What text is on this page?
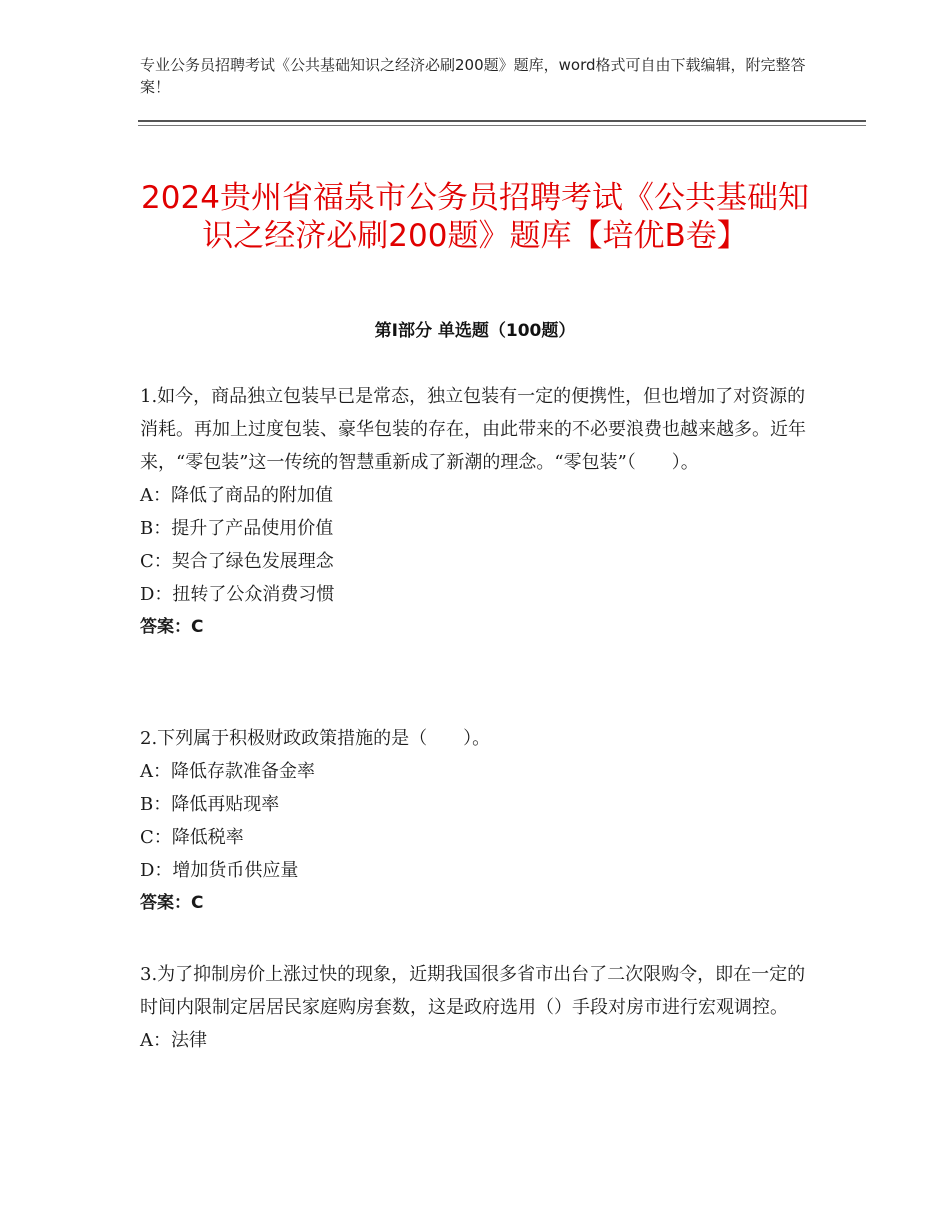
专业公务员招聘考试《公共基础知识之经济必刷200题》题库，word格式可自由下载编辑，附完整答案！
2024贵州省福泉市公务员招聘考试《公共基础知识之经济必刷200题》题库【培优B卷】
第I部分 单选题（100题）

1.如今，商品独立包装早已是常态，独立包装有一定的便携性，但也增加了对资源的消耗。再加上过度包装、豪华包装的存在，由此带来的不必要浪费也越来越多。近年来，“零包装”这一传统的智慧重新成了新潮的理念。“零包装”（　　）。

A：降低了商品的附加值

B：提升了产品使用价值

C：契合了绿色发展理念

D：扭转了公众消费习惯

答案：C

2.下列属于积极财政政策措施的是（　　）。

A：降低存款准备金率

B：降低再贴现率

C：降低税率

D：增加货币供应量

答案：C

3.为了抑制房价上涨过快的现象，近期我国很多省市出台了二次限购令，即在一定的时间内限制定居居民家庭购房套数，这是政府选用（）手段对房市进行宏观调控。

A：法律
